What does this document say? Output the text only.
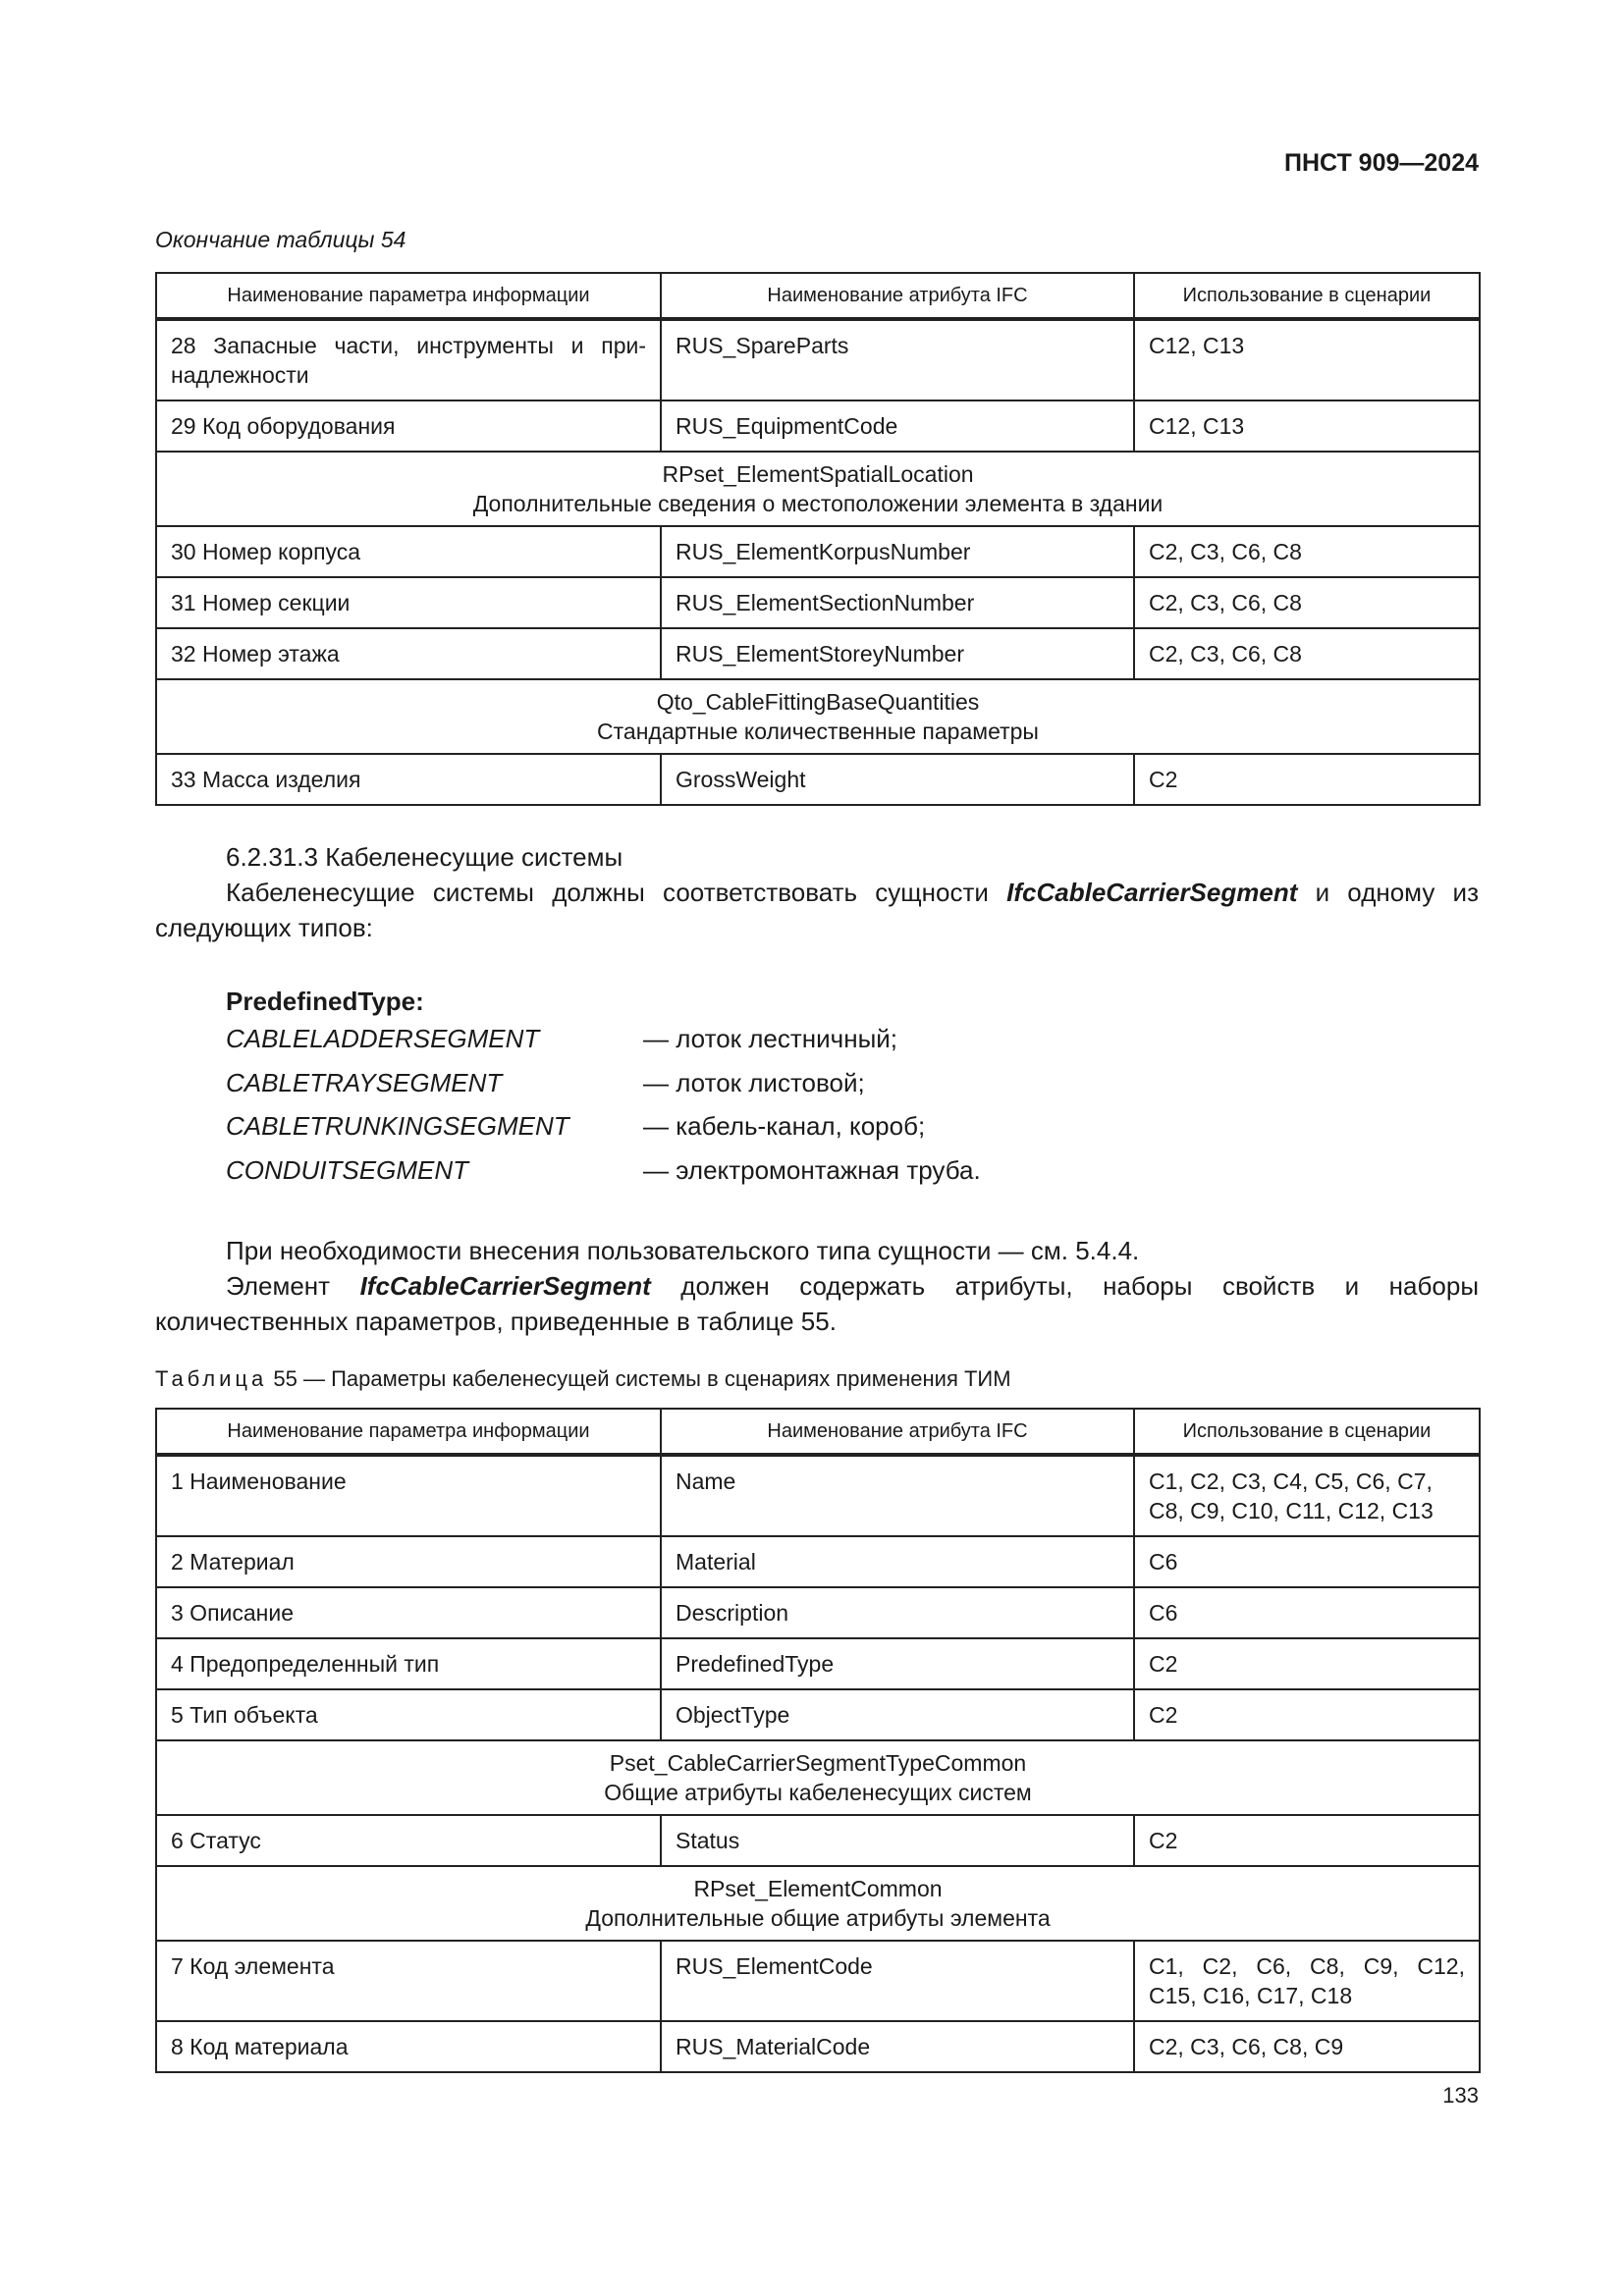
ПНСТ 909—2024
Окончание таблицы 54
Наименование параметра информации	Наименование атрибута IFC	Использование в сценарии

28 Запасные части, инструменты и при-
надлежности	RUS_SpareParts	C12, C13
29 Код оборудования	RUS_EquipmentCode	C12, C13

RPset_ElementSpatialLocation
Дополнительные сведения о местоположении элемента в здании		

30 Номер корпуса	RUS_ElementKorpusNumber	C2, C3, C6, C8
31 Номер секции	RUS_ElementSectionNumber	C2, C3, C6, C8
32 Номер этажа	RUS_ElementStoreyNumber	C2, C3, C6, C8

Qto_CableFittingBaseQuantities
Стандартные количественные параметры		

33 Масса изделия	GrossWeight	C2
6.2.31.3 Кабеленесущие системы
Кабеленесущие системы должны соответствовать сущности IfcCableCarrierSegment и одному из следующих типов:
PredefinedType:
CABLELADDERSEGMENT	— лоток лестничный;
CABLETRAYSEGMENT	— лоток листовой;
CABLETRUNKINGSEGMENT	— кабель-канал, короб;
CONDUITSEGMENT	— электромонтажная труба.
При необходимости внесения пользовательского типа сущности — см. 5.4.4.
Элемент IfcCableCarrierSegment должен содержать атрибуты, наборы свойств и наборы количественных параметров, приведенные в таблице 55.
Таблица 55 — Параметры кабеленесущей системы в сценариях применения ТИМ
Наименование параметра информации	Наименование атрибута IFC	Использование в сценарии
1 Наименование	Name	C1, C2, C3, C4, C5, C6, C7,
C8, C9, C10, C11, C12, C13

2 Материал	Material	C6
3 Описание	Description	C6
4 Предопределенный тип	PredefinedType	C2
5 Тип объекта	ObjectType	C2

Pset_CableCarrierSegmentTypeCommon
Общие атрибуты кабеленесущих систем		

6 Статус	Status	C2

RPset_ElementCommon
Дополнительные общие атрибуты элемента		

7 Код элемента	RUS_ElementCode	C1, C2, C6, C8, C9, C12,
C15, C16, C17, C18

8 Код материала	RUS_MaterialCode	C2, C3, C6, C8, C9
133
